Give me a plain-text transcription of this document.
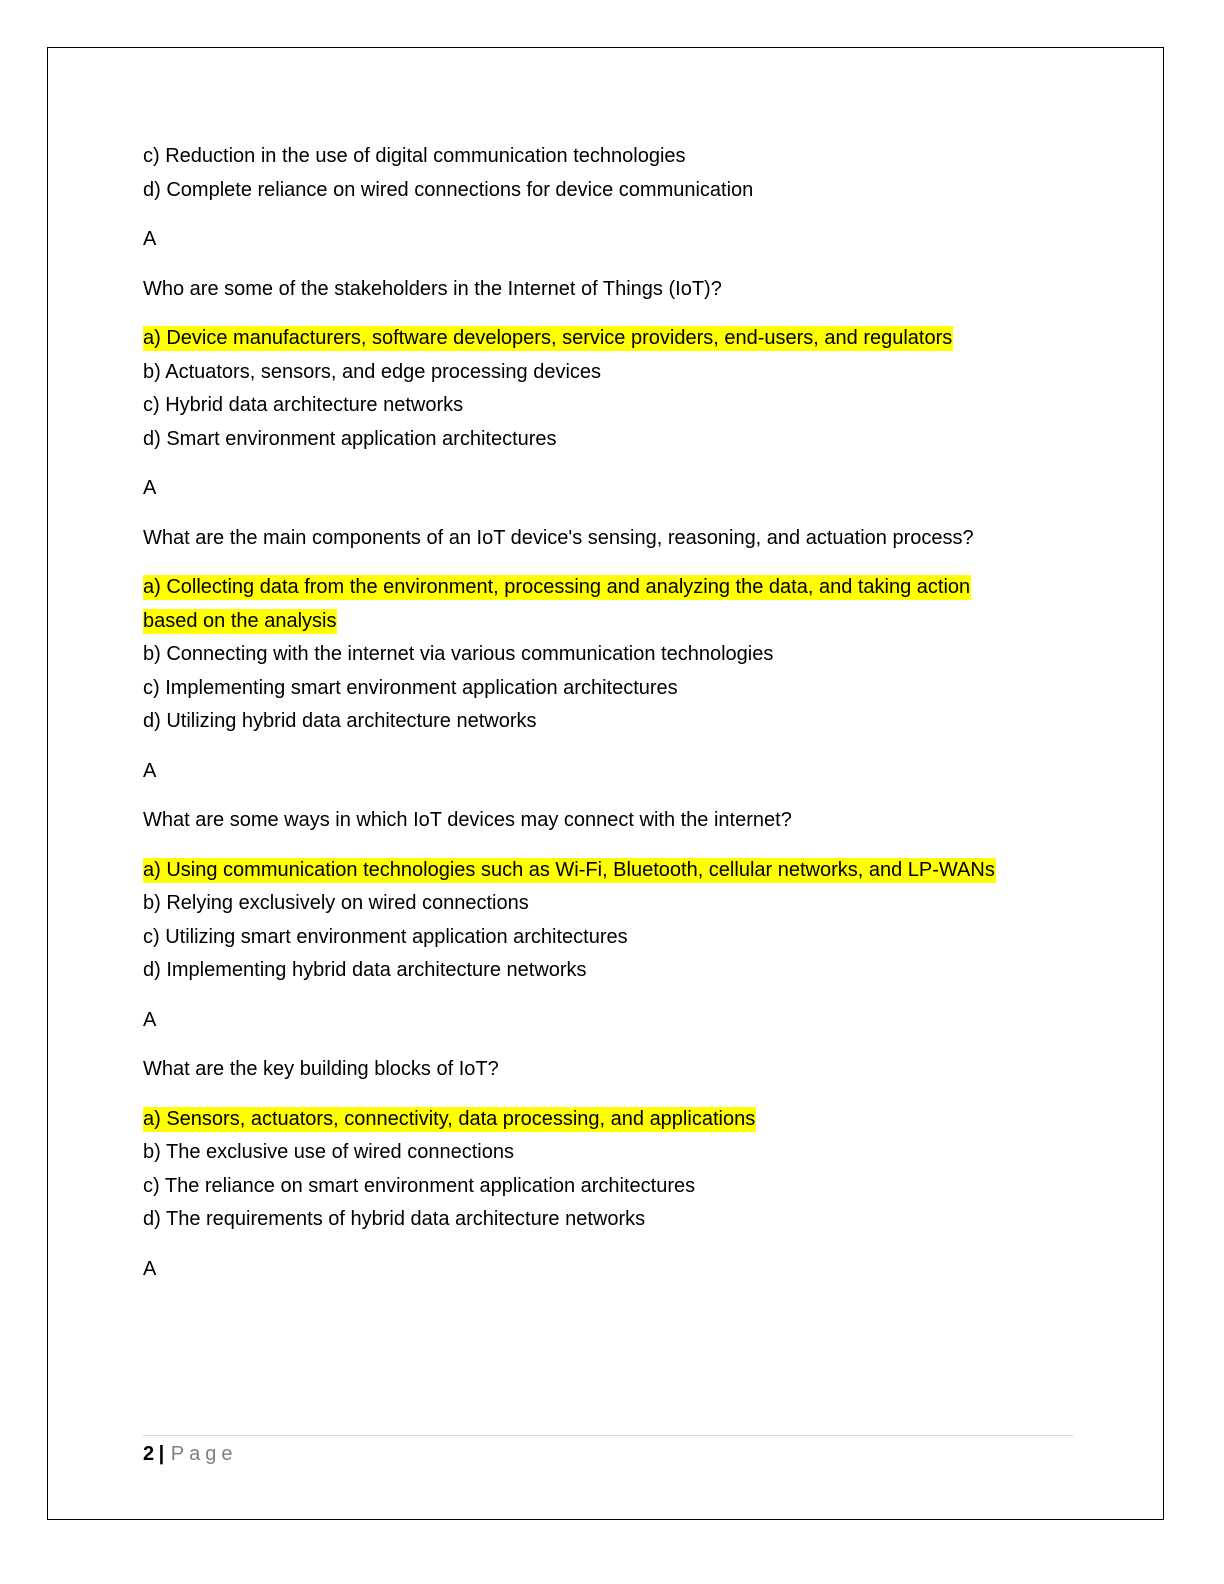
c) Reduction in the use of digital communication technologies
d) Complete reliance on wired connections for device communication
A
Who are some of the stakeholders in the Internet of Things (IoT)?
a) Device manufacturers, software developers, service providers, end-users, and regulators
b) Actuators, sensors, and edge processing devices
c) Hybrid data architecture networks
d) Smart environment application architectures
A
What are the main components of an IoT device's sensing, reasoning, and actuation process?
a) Collecting data from the environment, processing and analyzing the data, and taking action
based on the analysis
b) Connecting with the internet via various communication technologies
c) Implementing smart environment application architectures
d) Utilizing hybrid data architecture networks
A
What are some ways in which IoT devices may connect with the internet?
a) Using communication technologies such as Wi-Fi, Bluetooth, cellular networks, and LP-WANs
b) Relying exclusively on wired connections
c) Utilizing smart environment application architectures
d) Implementing hybrid data architecture networks
A
What are the key building blocks of IoT?
a) Sensors, actuators, connectivity, data processing, and applications
b) The exclusive use of wired connections
c) The reliance on smart environment application architectures
d) The requirements of hybrid data architecture networks
A
2 | Page
